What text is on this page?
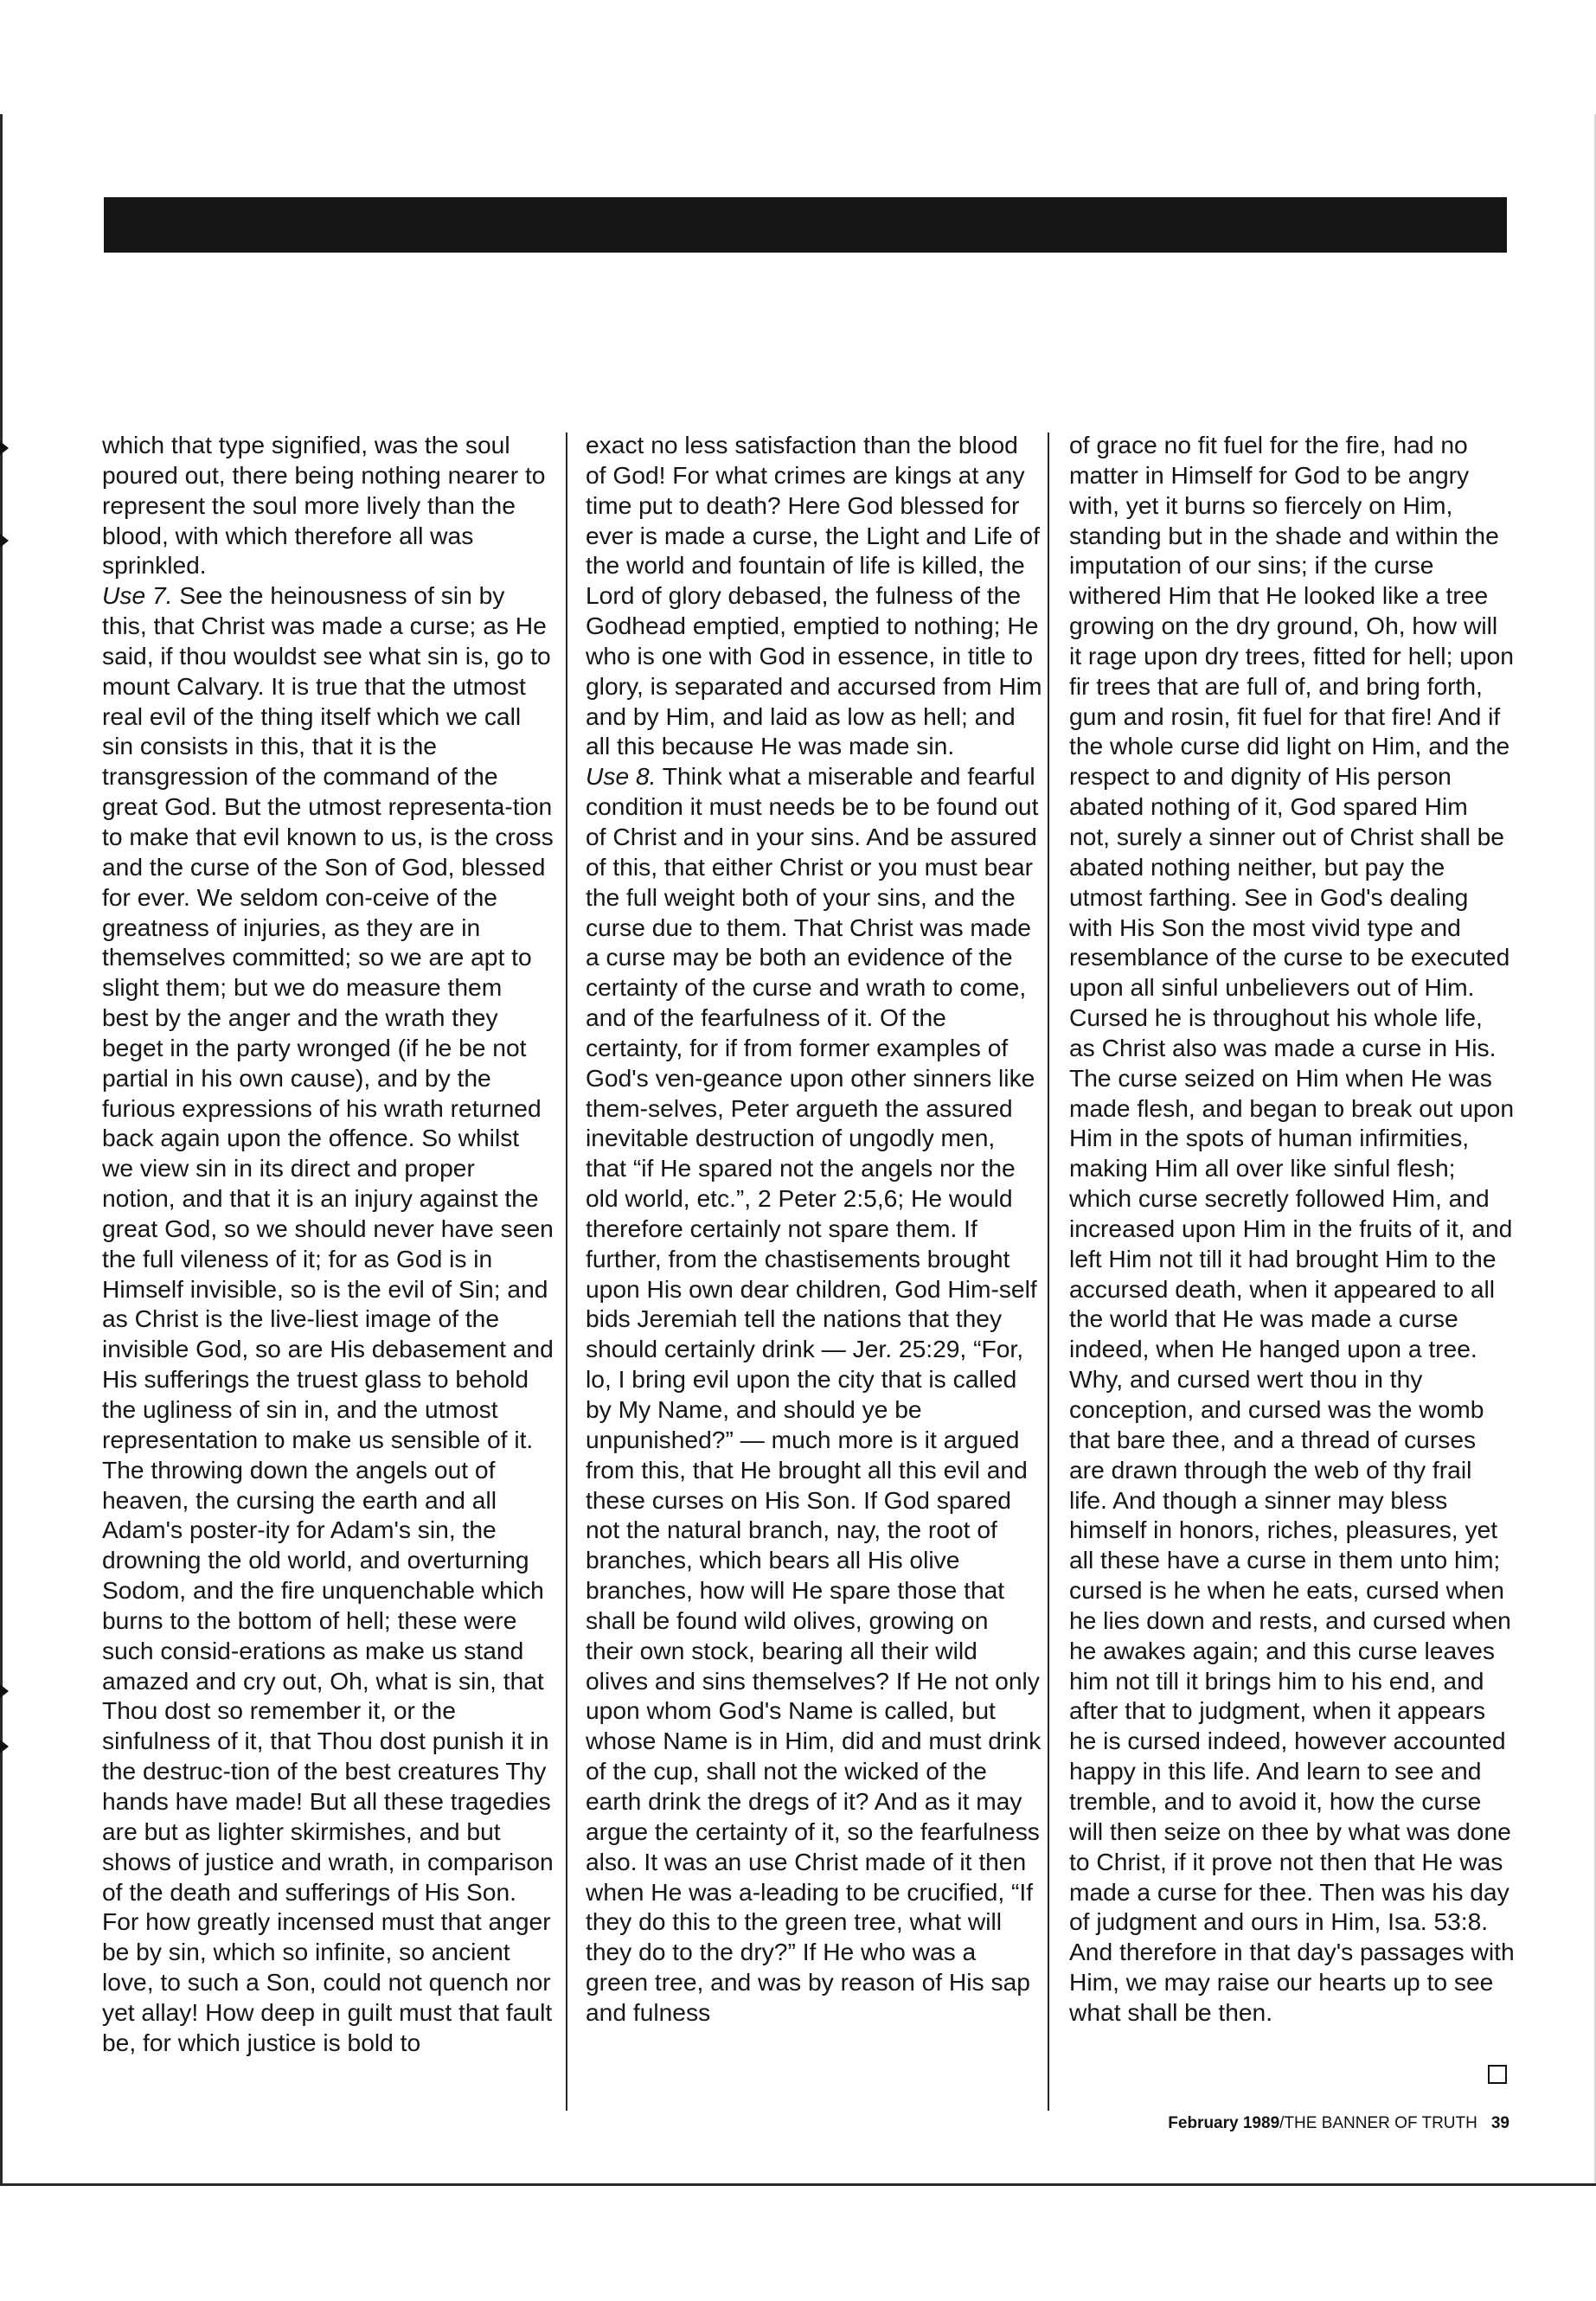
which that type signified, was the soul poured out, there being nothing nearer to represent the soul more lively than the blood, with which therefore all was sprinkled.

Use 7. See the heinousness of sin by this, that Christ was made a curse; as He said, if thou wouldst see what sin is, go to mount Calvary. It is true that the utmost real evil of the thing itself which we call sin consists in this, that it is the transgression of the command of the great God. But the utmost representa-tion to make that evil known to us, is the cross and the curse of the Son of God, blessed for ever. We seldom con-ceive of the greatness of injuries, as they are in themselves committed; so we are apt to slight them; but we do measure them best by the anger and the wrath they beget in the party wronged (if he be not partial in his own cause), and by the furious expressions of his wrath returned back again upon the offence. So whilst we view sin in its direct and proper notion, and that it is an injury against the great God, so we should never have seen the full vileness of it; for as God is in Himself invisible, so is the evil of Sin; and as Christ is the live-liest image of the invisible God, so are His debasement and His sufferings the truest glass to behold the ugliness of sin in, and the utmost representation to make us sensible of it. The throwing down the angels out of heaven, the cursing the earth and all Adam's poster-ity for Adam's sin, the drowning the old world, and overturning Sodom, and the fire unquenchable which burns to the bottom of hell; these were such consid-erations as make us stand amazed and cry out, Oh, what is sin, that Thou dost so remember it, or the sinfulness of it, that Thou dost punish it in the destruc-tion of the best creatures Thy hands have made! But all these tragedies are but as lighter skirmishes, and but shows of justice and wrath, in comparison of the death and sufferings of His Son. For how greatly incensed must that anger be by sin, which so infinite, so ancient love, to such a Son, could not quench nor yet allay! How deep in guilt must that fault be, for which justice is bold to

exact no less satisfaction than the blood of God! For what crimes are kings at any time put to death? Here God blessed for ever is made a curse, the Light and Life of the world and fountain of life is killed, the Lord of glory debased, the fulness of the Godhead emptied, emptied to nothing; He who is one with God in essence, in title to glory, is separated and accursed from Him and by Him, and laid as low as hell; and all this because He was made sin.

Use 8. Think what a miserable and fearful condition it must needs be to be found out of Christ and in your sins. And be assured of this, that either Christ or you must bear the full weight both of your sins, and the curse due to them. That Christ was made a curse may be both an evidence of the certainty of the curse and wrath to come, and of the fearfulness of it. Of the certainty, for if from former examples of God's ven-geance upon other sinners like them-selves, Peter argueth the assured inevitable destruction of ungodly men, that “if He spared not the angels nor the old world, etc.”, 2 Peter 2:5,6; He would therefore certainly not spare them. If further, from the chastisements brought upon His own dear children, God Him-self bids Jeremiah tell the nations that they should certainly drink — Jer. 25:29, “For, lo, I bring evil upon the city that is called by My Name, and should ye be unpunished?” — much more is it argued from this, that He brought all this evil and these curses on His Son. If God spared not the natural branch, nay, the root of branches, which bears all His olive branches, how will He spare those that shall be found wild olives, growing on their own stock, bearing all their wild olives and sins themselves? If He not only upon whom God's Name is called, but whose Name is in Him, did and must drink of the cup, shall not the wicked of the earth drink the dregs of it? And as it may argue the certainty of it, so the fearfulness also. It was an use Christ made of it then when He was a-leading to be crucified, “If they do this to the green tree, what will they do to the dry?” If He who was a green tree, and was by reason of His sap and fulness

of grace no fit fuel for the fire, had no matter in Himself for God to be angry with, yet it burns so fiercely on Him, standing but in the shade and within the imputation of our sins; if the curse withered Him that He looked like a tree growing on the dry ground, Oh, how will it rage upon dry trees, fitted for hell; upon fir trees that are full of, and bring forth, gum and rosin, fit fuel for that fire! And if the whole curse did light on Him, and the respect to and dignity of His person abated nothing of it, God spared Him not, surely a sinner out of Christ shall be abated nothing neither, but pay the utmost farthing. See in God's dealing with His Son the most vivid type and resemblance of the curse to be executed upon all sinful unbelievers out of Him. Cursed he is throughout his whole life, as Christ also was made a curse in His. The curse seized on Him when He was made flesh, and began to break out upon Him in the spots of human infirmities, making Him all over like sinful flesh; which curse secretly followed Him, and increased upon Him in the fruits of it, and left Him not till it had brought Him to the accursed death, when it appeared to all the world that He was made a curse indeed, when He hanged upon a tree. Why, and cursed wert thou in thy conception, and cursed was the womb that bare thee, and a thread of curses are drawn through the web of thy frail life. And though a sinner may bless himself in honors, riches, pleasures, yet all these have a curse in them unto him; cursed is he when he eats, cursed when he lies down and rests, and cursed when he awakes again; and this curse leaves him not till it brings him to his end, and after that to judgment, when it appears he is cursed indeed, however accounted happy in this life. And learn to see and tremble, and to avoid it, how the curse will then seize on thee by what was done to Christ, if it prove not then that He was made a curse for thee. Then was his day of judgment and ours in Him, Isa. 53:8. And therefore in that day's passages with Him, we may raise our hearts up to see what shall be then.

February 1989/THE BANNER OF TRUTH 39
